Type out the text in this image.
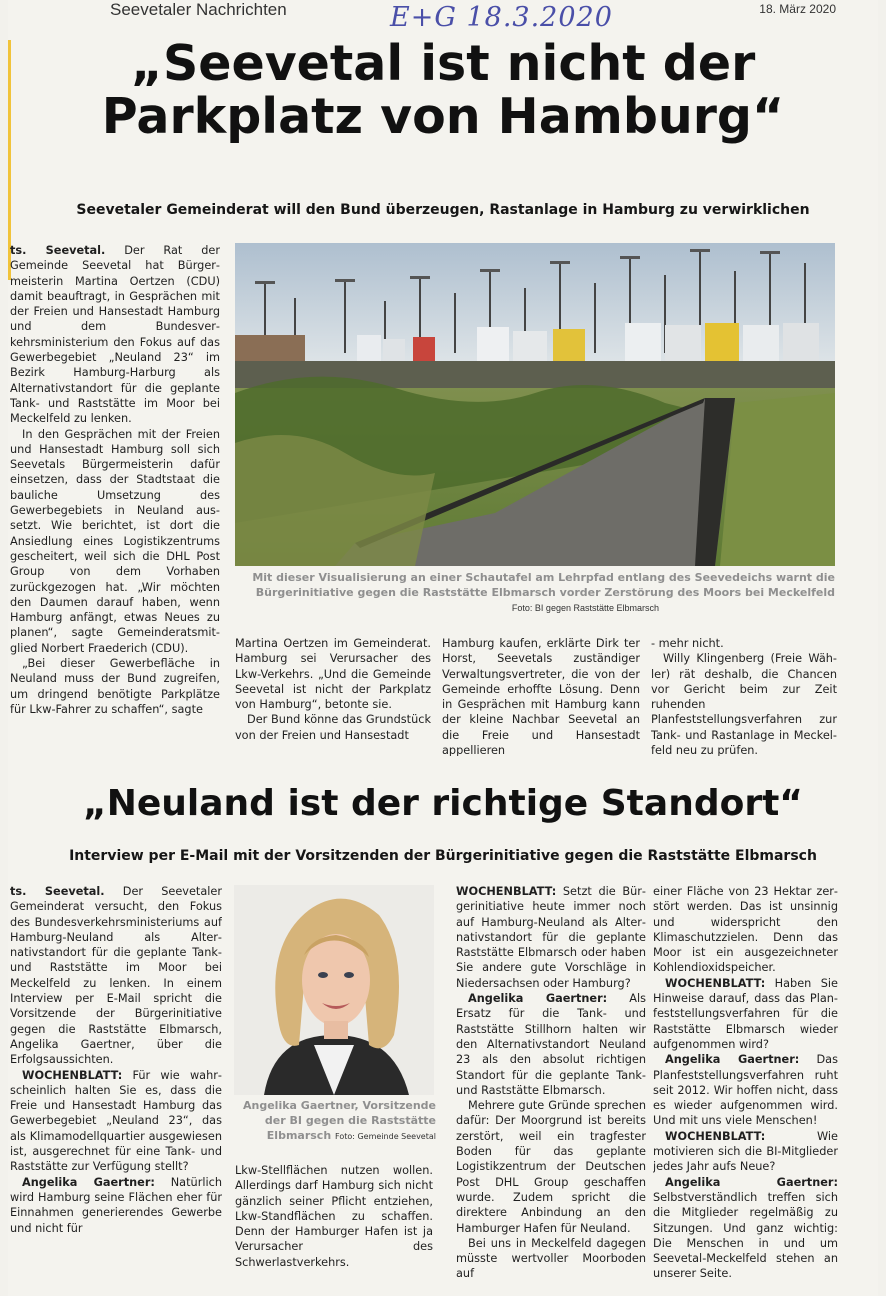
Seevetaler Nachrichten	E+G 18.3.2020	18. März 2020
„Seevetal ist nicht der Parkplatz von Hamburg“
Seevetaler Gemeinderat will den Bund überzeugen, Rastanlage in Hamburg zu verwirklichen

ts. Seevetal. Der Rat der Gemeinde Seevetal hat Bürgermeisterin Martina Oertzen (CDU) damit beauftragt, in Gesprächen mit der Freien und Hansestadt Hamburg und dem Bundesverkehrsministerium den Fokus auf das Gewerbegebiet „Neuland 23“ im Bezirk Hamburg-Harburg als Alternativstandort für die geplante Tank- und Raststätte im Moor bei Meckelfeld zu lenken.

In den Gesprächen mit der Freien und Hansestadt Hamburg soll sich Seevetals Bürgermeisterin dafür einsetzen, dass der Stadtstaat die bauliche Umsetzung des Gewerbegebiets in Neuland aussetzt. Wie berichtet, ist dort die Ansiedlung eines Logistikzentrums gescheitert, weil sich die DHL Post Group von dem Vorhaben zurückgezogen hat. „Wir möchten den Daumen darauf haben, wenn Hamburg anfängt, etwas Neues zu planen“, sagte Gemeinderatsmitglied Norbert Fraederich (CDU).

„Bei dieser Gewerbefläche in Neuland muss der Bund zugreifen, um dringend benötigte Parkplätze für Lkw-Fahrer zu schaffen“, sagte

Mit dieser Visualisierung an einer Schautafel am Lehrpfad entlang des Seevedeichs warnt die Bürgerinitiative gegen die Raststätte Elbmarsch vorder Zerstörung des Moors bei Meckelfeld
Foto: BI gegen Raststätte Elbmarsch

Martina Oertzen im Gemeinderat. Hamburg sei Verursacher des Lkw-Verkehrs. „Und die Gemeinde Seevetal ist nicht der Parkplatz von Hamburg“, betonte sie.

Der Bund könne das Grundstück von der Freien und Hansestadt

Hamburg kaufen, erklärte Dirk ter Horst, Seevetals zuständiger Verwaltungsvertreter, die von der Gemeinde erhoffte Lösung. Denn in Gesprächen mit Hamburg kann der kleine Nachbar Seevetal an die Freie und Hansestadt appellieren

- mehr nicht.

Willy Klingenberg (Freie Wähler) rät deshalb, die Chancen vor Gericht beim zur Zeit ruhenden Planfeststellungsverfahren zur Tank- und Rastanlage in Meckelfeld neu zu prüfen.

„Neuland ist der richtige Standort“
Interview per E-Mail mit der Vorsitzenden der Bürgerinitiative gegen die Raststätte Elbmarsch

ts. Seevetal. Der Seevetaler Gemeinderat versucht, den Fokus des Bundesverkehrsministeriums auf Hamburg-Neuland als Alternativstandort für die geplante Tank- und Raststätte im Moor bei Meckelfeld zu lenken. In einem Interview per E-Mail spricht die Vorsitzende der Bürgerinitiative gegen die Raststätte Elbmarsch, Angelika Gaertner, über die Erfolgsaussichten.

WOCHENBLATT: Für wie wahrscheinlich halten Sie es, dass die Freie und Hansestadt Hamburg das Gewerbegebiet „Neuland 23“, das als Klimamodellquartier ausgewiesen ist, ausgerechnet für eine Tank- und Raststätte zur Verfügung stellt?

Angelika Gaertner: Natürlich wird Hamburg seine Flächen eher für Einnahmen generierendes Gewerbe und nicht für

Angelika Gaertner, Vorsitzende der BI gegen die Raststätte Elbmarsch Foto: Gemeinde Seevetal

Lkw-Stellflächen nutzen wollen. Allerdings darf Hamburg sich nicht gänzlich seiner Pflicht entziehen, Lkw-Standflächen zu schaffen. Denn der Hamburger Hafen ist ja Verursacher des Schwerlastverkehrs.

WOCHENBLATT: Setzt die Bürgerinitiative heute immer noch auf Hamburg-Neuland als Alternativstandort für die geplante Raststätte Elbmarsch oder haben Sie andere gute Vorschläge in Niedersachsen oder Hamburg?

Angelika Gaertner: Als Ersatz für die Tank- und Raststätte Stillhorn halten wir den Alternativstandort Neuland 23 als den absolut richtigen Standort für die geplante Tank- und Raststätte Elbmarsch.

Mehrere gute Gründe sprechen dafür: Der Moorgrund ist bereits zerstört, weil ein tragfester Boden für das geplante Logistikzentrum der Deutschen Post DHL Group geschaffen wurde. Zudem spricht die direktere Anbindung an den Hamburger Hafen für Neuland.

Bei uns in Meckelfeld dagegen müsste wertvoller Moorboden auf

einer Fläche von 23 Hektar zerstört werden. Das ist unsinnig und widerspricht den Klimaschutzzielen. Denn das Moor ist ein ausgezeichneter Kohlendioxidspeicher.

WOCHENBLATT: Haben Sie Hinweise darauf, dass das Planfeststellungsverfahren für die Raststätte Elbmarsch wieder aufgenommen wird?

Angelika Gaertner: Das Planfeststellungsverfahren ruht seit 2012. Wir hoffen nicht, dass es wieder aufgenommen wird. Und mit uns viele Menschen!

WOCHENBLATT:	Wie motivieren sich die BI-Mitglieder jedes Jahr aufs Neue?

Angelika Gaertner: Selbstverständlich treffen sich die Mitglieder regelmäßig zu Sitzungen. Und ganz wichtig: Die Menschen in und um Seevetal-Meckelfeld stehen an unserer Seite.
